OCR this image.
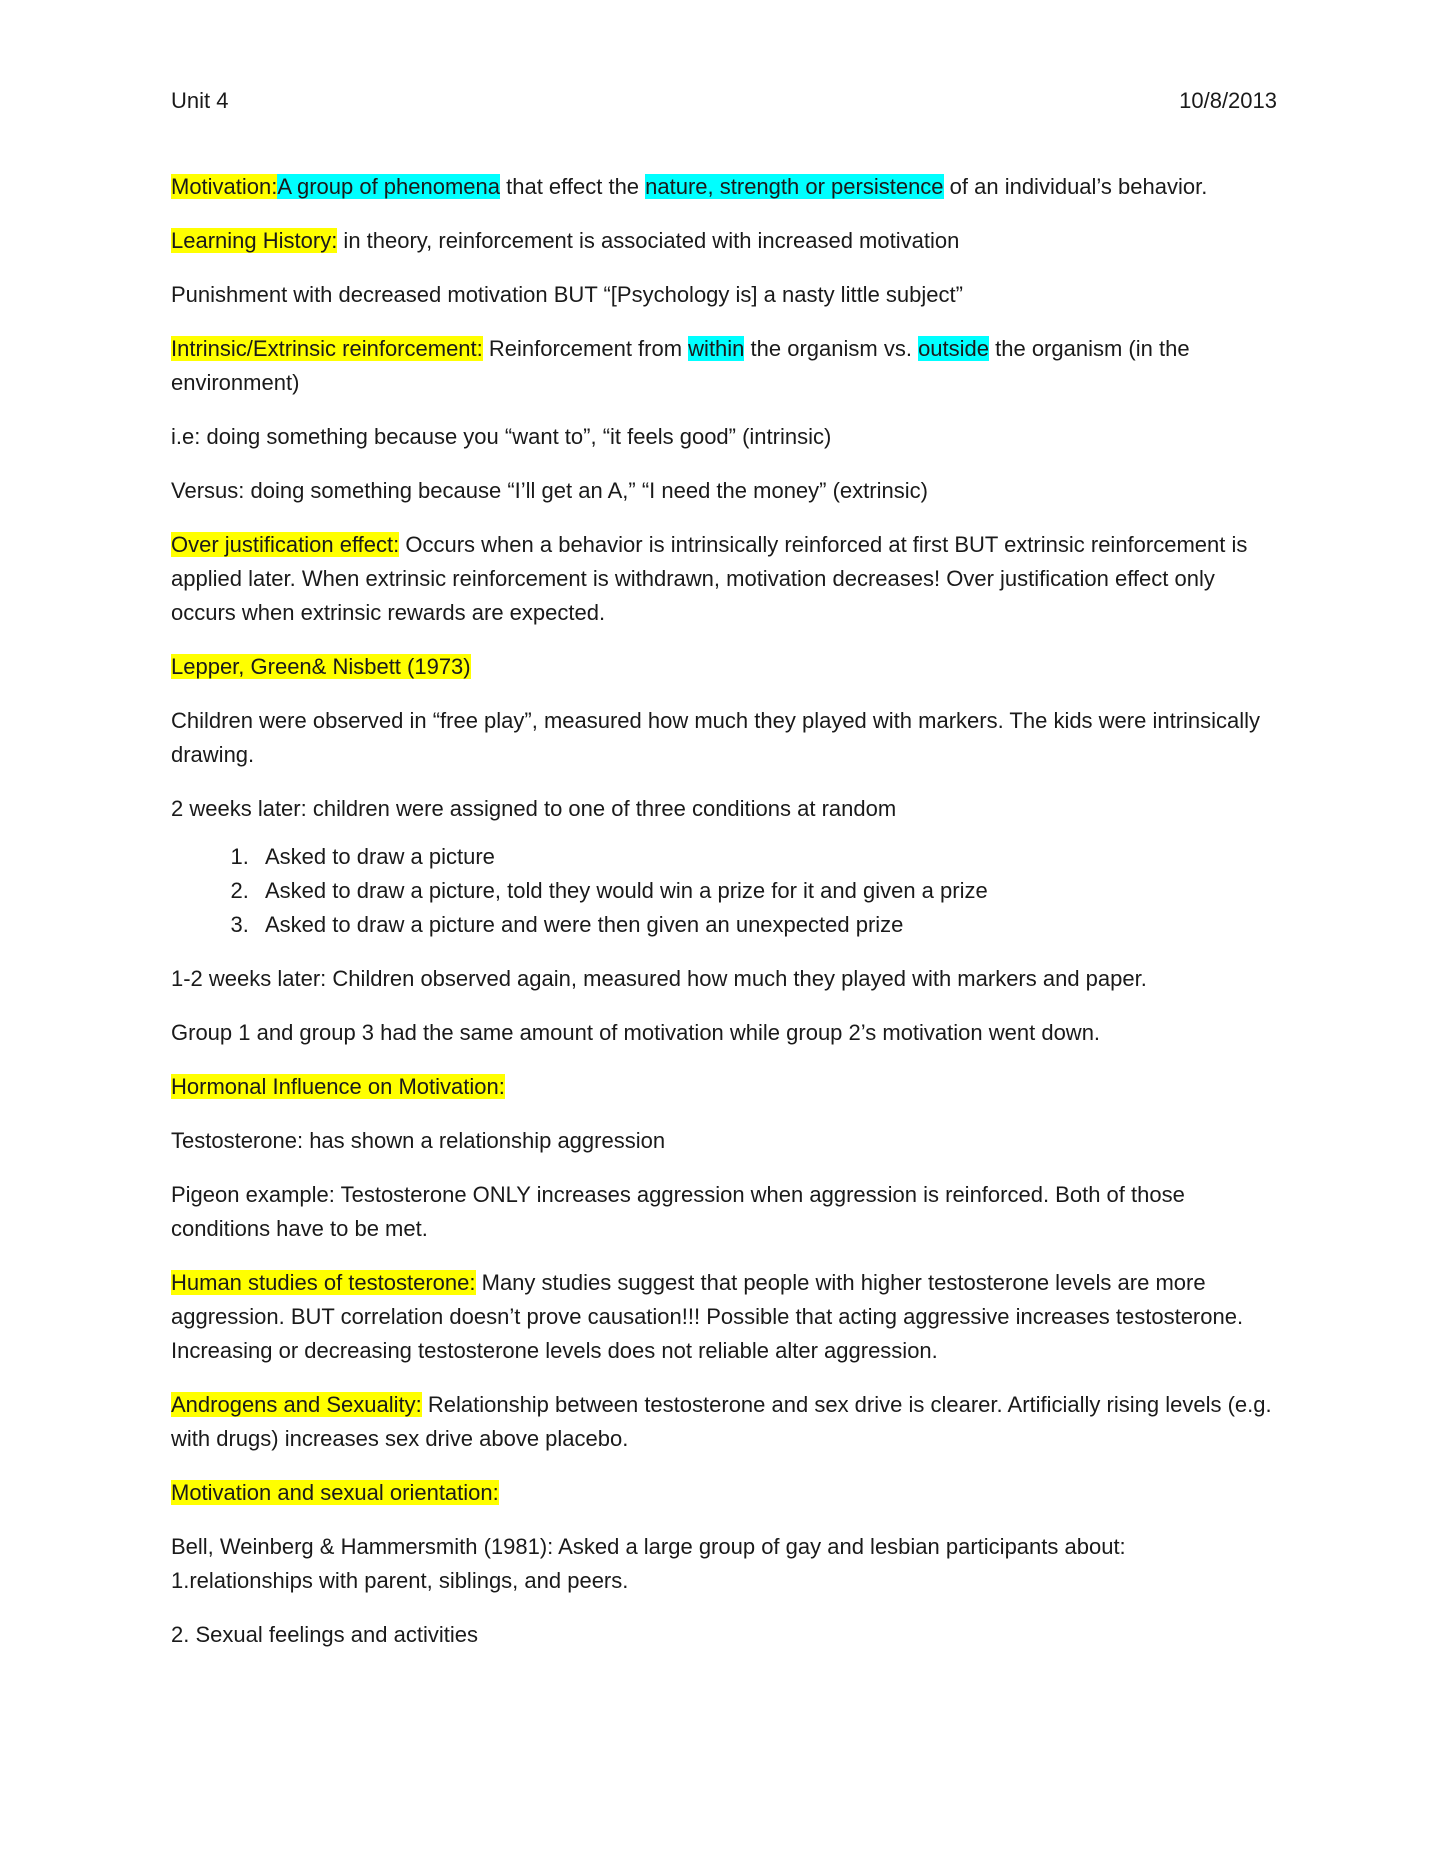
Unit 4	10/8/2013

Motivation:A group of phenomena that effect the nature, strength or persistence of an individual’s behavior.

Learning History: in theory, reinforcement is associated with increased motivation

Punishment with decreased motivation BUT “[Psychology is] a nasty little subject”

Intrinsic/Extrinsic reinforcement: Reinforcement from within the organism vs. outside the organism (in the environment)

i.e: doing something because you “want to”, “it feels good” (intrinsic)

Versus: doing something because “I’ll get an A,” “I need the money” (extrinsic)

Over justification effect: Occurs when a behavior is intrinsically reinforced at first BUT extrinsic reinforcement is applied later. When extrinsic reinforcement is withdrawn, motivation decreases! Over justification effect only occurs when extrinsic rewards are expected.

Lepper, Green& Nisbett (1973)

Children were observed in “free play”, measured how much they played with markers. The kids were intrinsically drawing.

2 weeks later: children were assigned to one of three conditions at random

1. Asked to draw a picture
2. Asked to draw a picture, told they would win a prize for it and given a prize
3. Asked to draw a picture and were then given an unexpected prize

1-2 weeks later: Children observed again, measured how much they played with markers and paper.

Group 1 and group 3 had the same amount of motivation while group 2’s motivation went down.

Hormonal Influence on Motivation:

Testosterone: has shown a relationship aggression

Pigeon example: Testosterone ONLY increases aggression when aggression is reinforced. Both of those conditions have to be met.

Human studies of testosterone: Many studies suggest that people with higher testosterone levels are more aggression. BUT correlation doesn’t prove causation!!! Possible that acting aggressive increases testosterone. Increasing or decreasing testosterone levels does not reliable alter aggression.

Androgens and Sexuality: Relationship between testosterone and sex drive is clearer. Artificially rising levels (e.g. with drugs) increases sex drive above placebo.

Motivation and sexual orientation:

Bell, Weinberg & Hammersmith (1981): Asked a large group of gay and lesbian participants about:
1.relationships with parent, siblings, and peers.

2. Sexual feelings and activities
